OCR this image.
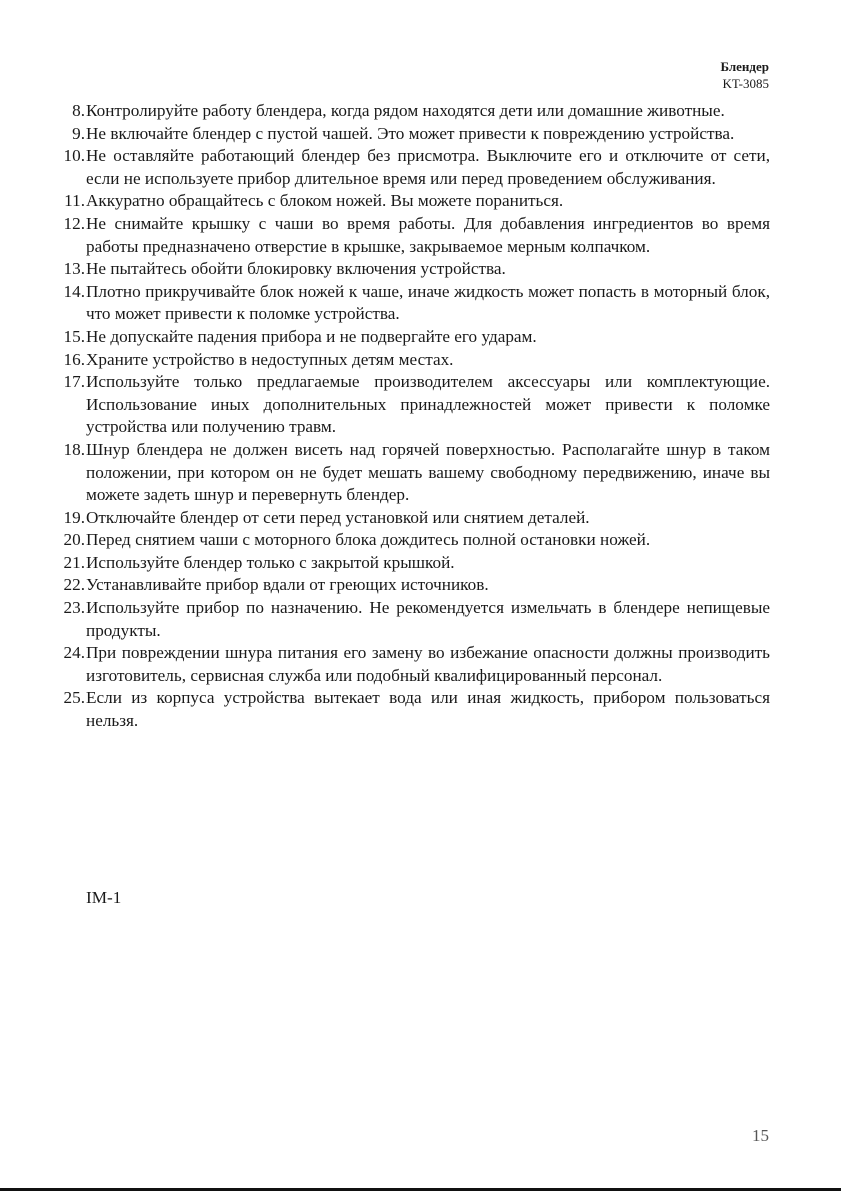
Блендер
KT-3085
8. Контролируйте работу блендера, когда рядом находятся дети или домашние животные.
9. Не включайте блендер с пустой чашей. Это может привести к повреждению устройства.
10. Не оставляйте работающий блендер без присмотра. Выключите его и отключите от сети, если не используете прибор длительное время или перед проведением обслуживания.
11. Аккуратно обращайтесь с блоком ножей. Вы можете пораниться.
12. Не снимайте крышку с чаши во время работы. Для добавления ингредиентов во время работы предназначено отверстие в крышке, закрываемое мерным колпачком.
13. Не пытайтесь обойти блокировку включения устройства.
14. Плотно прикручивайте блок ножей к чаше, иначе жидкость может попасть в моторный блок, что может привести к поломке устройства.
15. Не допускайте падения прибора и не подвергайте его ударам.
16. Храните устройство в недоступных детям местах.
17. Используйте только предлагаемые производителем аксессуары или комплектующие. Использование иных дополнительных принадлежностей может привести к поломке устройства или получению травм.
18. Шнур блендера не должен висеть над горячей поверхностью. Располагайте шнур в таком положении, при котором он не будет мешать вашему свободному передвижению, иначе вы можете задеть шнур и перевернуть блендер.
19. Отключайте блендер от сети перед установкой или снятием деталей.
20. Перед снятием чаши с моторного блока дождитесь полной остановки ножей.
21. Используйте блендер только с закрытой крышкой.
22. Устанавливайте прибор вдали от греющих источников.
23. Используйте прибор по назначению. Не рекомендуется измельчать в блендере непищевые продукты.
24. При повреждении шнура питания его замену во избежание опасности должны производить изготовитель, сервисная служба или подобный квалифицированный персонал.
25. Если из корпуса устройства вытекает вода или иная жидкость, прибором пользоваться нельзя.
IM-1
15
